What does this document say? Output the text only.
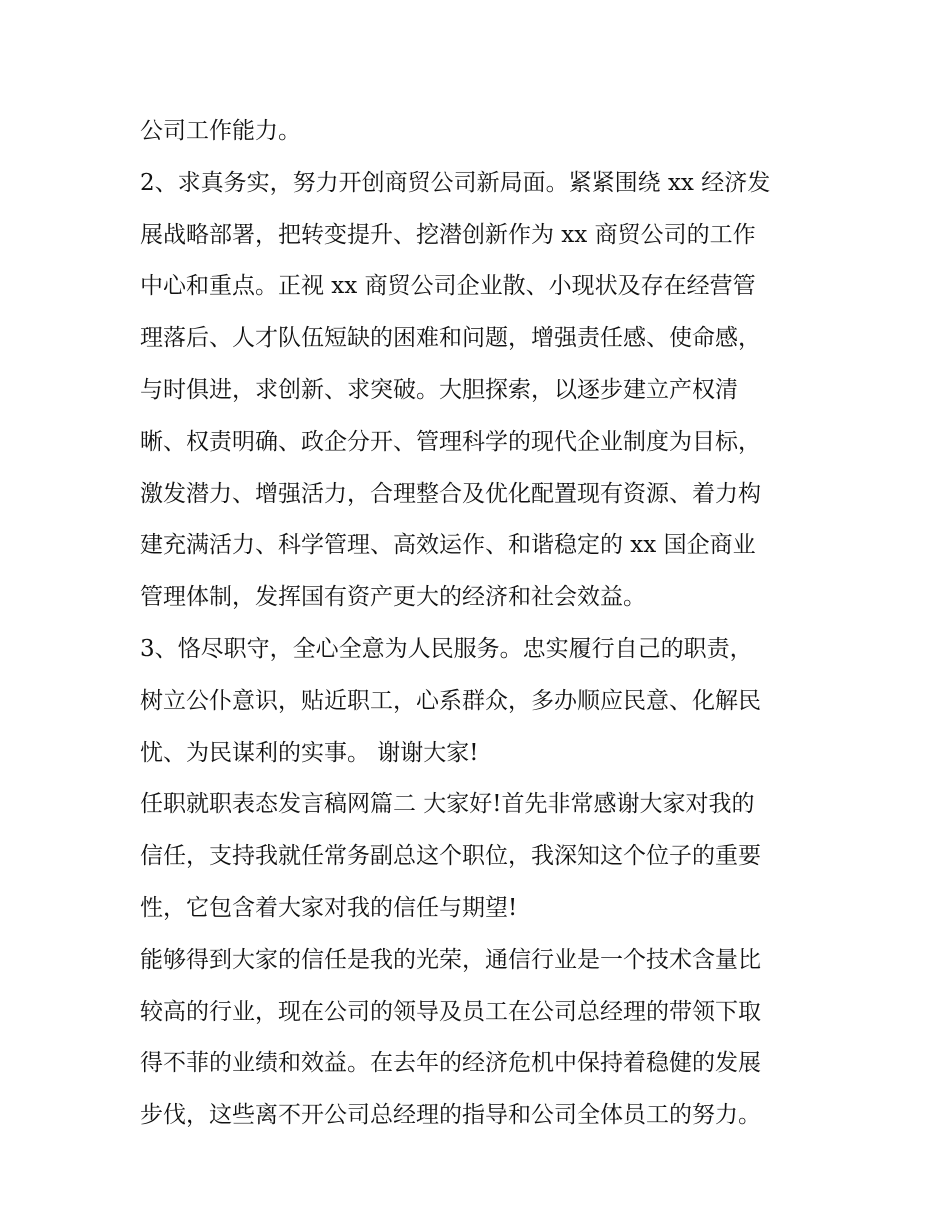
公司工作能力。
2、求真务实，努力开创商贸公司新局面。紧紧围绕 xx 经济发
展战略部署，把转变提升、挖潜创新作为 xx 商贸公司的工作
中心和重点。正视 xx 商贸公司企业散、小现状及存在经营管
理落后、人才队伍短缺的困难和问题，增强责任感、使命感，
与时俱进，求创新、求突破。大胆探索，以逐步建立产权清
晰、权责明确、政企分开、管理科学的现代企业制度为目标，
激发潜力、增强活力，合理整合及优化配置现有资源、着力构
建充满活力、科学管理、高效运作、和谐稳定的 xx 国企商业
管理体制，发挥国有资产更大的经济和社会效益。
3、恪尽职守，全心全意为人民服务。忠实履行自己的职责，
树立公仆意识，贴近职工，心系群众，多办顺应民意、化解民
忧、为民谋利的实事。 谢谢大家!
任职就职表态发言稿网篇二 大家好!首先非常感谢大家对我的
信任，支持我就任常务副总这个职位，我深知这个位子的重要
性，它包含着大家对我的信任与期望!
能够得到大家的信任是我的光荣，通信行业是一个技术含量比
较高的行业，现在公司的领导及员工在公司总经理的带领下取
得不菲的业绩和效益。在去年的经济危机中保持着稳健的发展
步伐，这些离不开公司总经理的指导和公司全体员工的努力。
